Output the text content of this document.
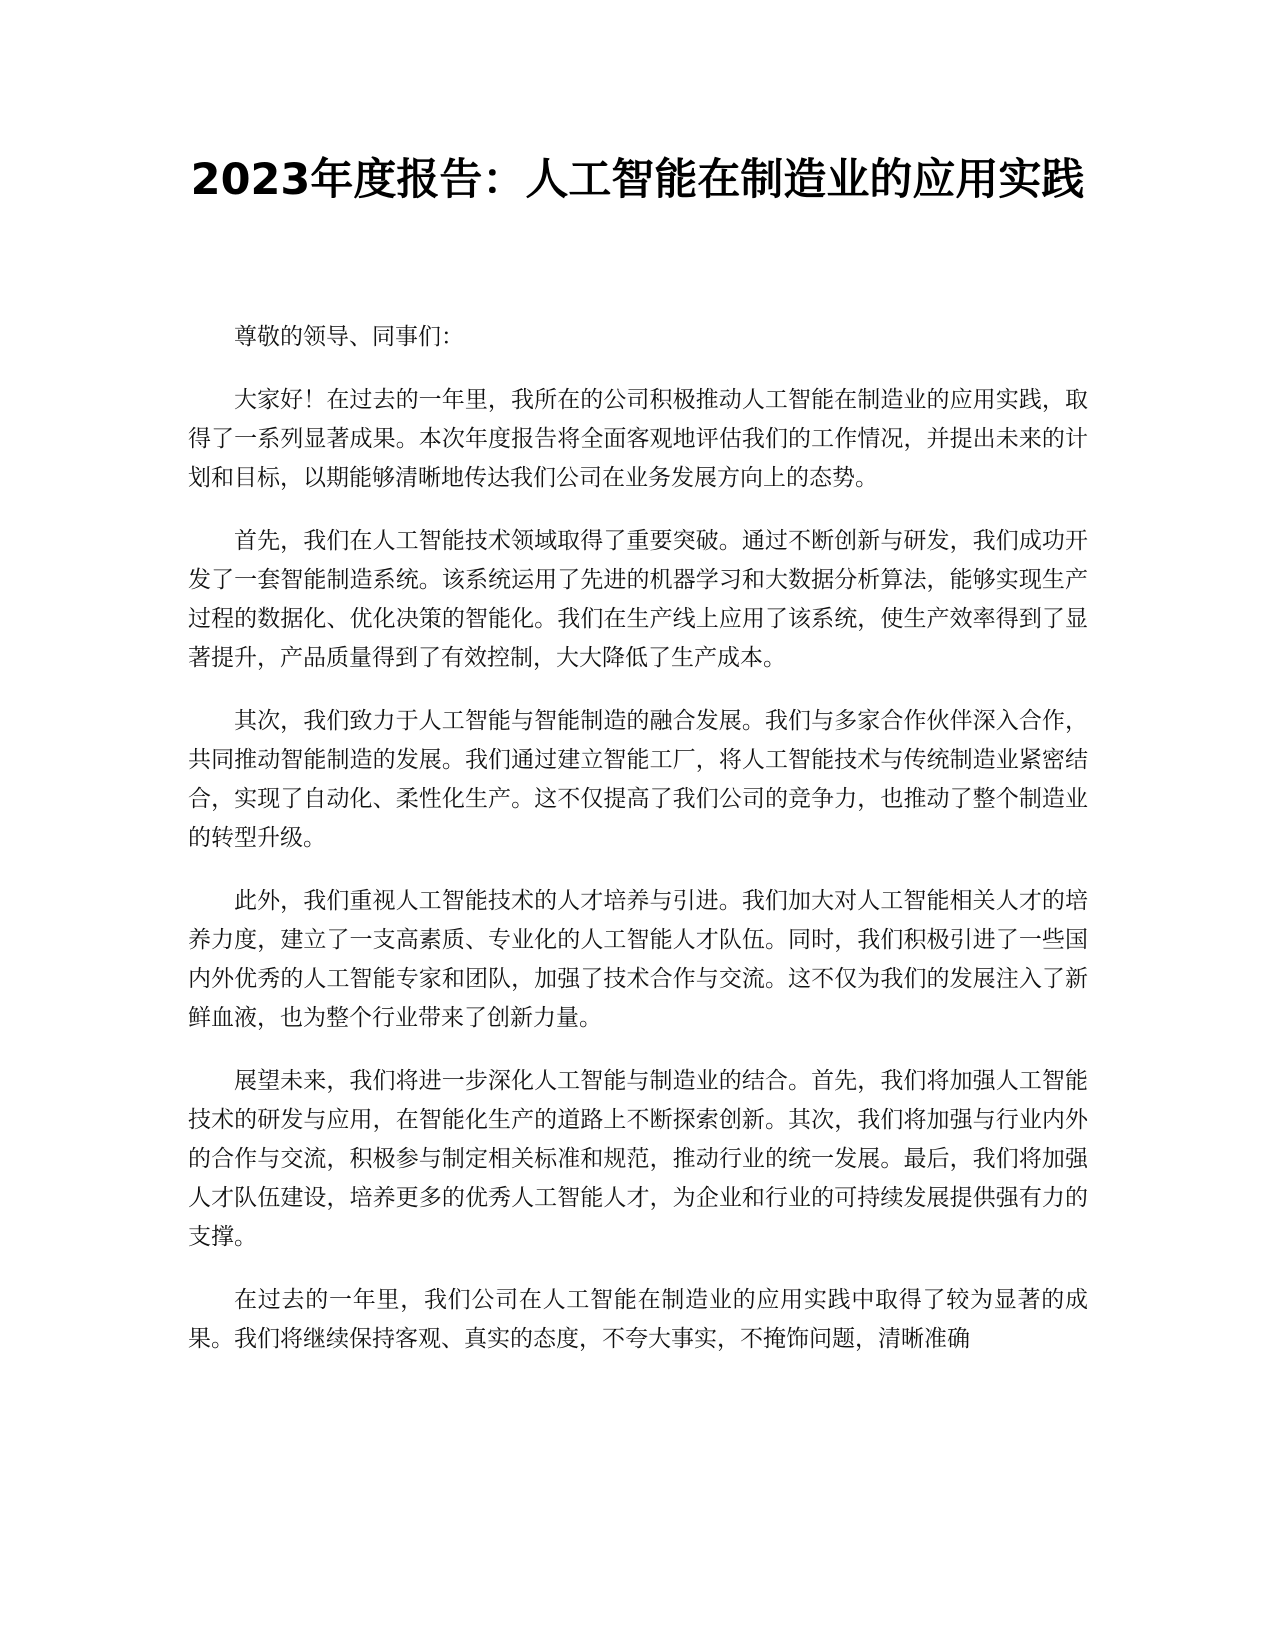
2023年度报告：人工智能在制造业的应用实践

尊敬的领导、同事们：

大家好！在过去的一年里，我所在的公司积极推动人工智能在制造业的应用实践，取得了一系列显著成果。本次年度报告将全面客观地评估我们的工作情况，并提出未来的计划和目标，以期能够清晰地传达我们公司在业务发展方向上的态势。

首先，我们在人工智能技术领域取得了重要突破。通过不断创新与研发，我们成功开发了一套智能制造系统。该系统运用了先进的机器学习和大数据分析算法，能够实现生产过程的数据化、优化决策的智能化。我们在生产线上应用了该系统，使生产效率得到了显著提升，产品质量得到了有效控制，大大降低了生产成本。

其次，我们致力于人工智能与智能制造的融合发展。我们与多家合作伙伴深入合作，共同推动智能制造的发展。我们通过建立智能工厂，将人工智能技术与传统制造业紧密结合，实现了自动化、柔性化生产。这不仅提高了我们公司的竞争力，也推动了整个制造业的转型升级。

此外，我们重视人工智能技术的人才培养与引进。我们加大对人工智能相关人才的培养力度，建立了一支高素质、专业化的人工智能人才队伍。同时，我们积极引进了一些国内外优秀的人工智能专家和团队，加强了技术合作与交流。这不仅为我们的发展注入了新鲜血液，也为整个行业带来了创新力量。

展望未来，我们将进一步深化人工智能与制造业的结合。首先，我们将加强人工智能技术的研发与应用，在智能化生产的道路上不断探索创新。其次，我们将加强与行业内外的合作与交流，积极参与制定相关标准和规范，推动行业的统一发展。最后，我们将加强人才队伍建设，培养更多的优秀人工智能人才，为企业和行业的可持续发展提供强有力的支撑。

在过去的一年里，我们公司在人工智能在制造业的应用实践中取得了较为显著的成果。我们将继续保持客观、真实的态度，不夸大事实，不掩饰问题，清晰准确
